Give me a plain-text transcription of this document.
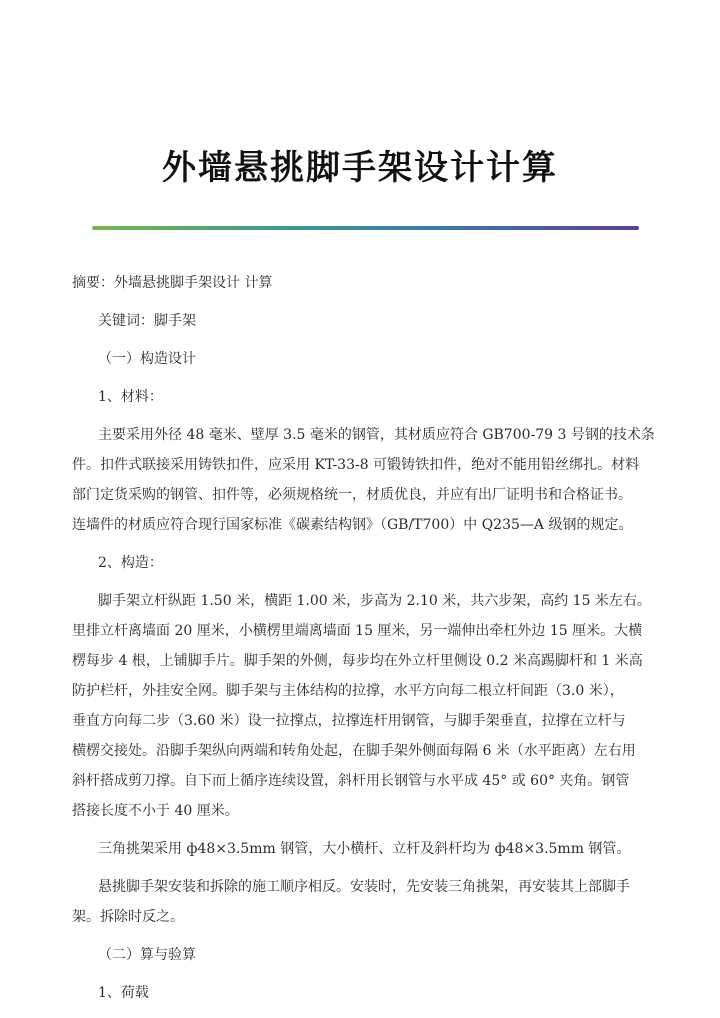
外墙悬挑脚手架设计计算

摘要：外墙悬挑脚手架设计 计算

关键词：脚手架

（一）构造设计

1、材料：

主要采用外径 48 毫米、壁厚 3.5 毫米的钢管，其材质应符合 GB700-79 3 号钢的技术条
件。扣件式联接采用铸铁扣件，应采用 KT-33-8 可锻铸铁扣件，绝对不能用铅丝绑扎。材料
部门定货采购的钢管、扣件等，必须规格统一，材质优良，并应有出厂证明书和合格证书。
连墙件的材质应符合现行国家标准《碳素结构钢》（GB/T700）中 Q235—A 级钢的规定。

2、构造：

脚手架立杆纵距 1.50 米，横距 1.00 米，步高为 2.10 米，共六步架，高约 15 米左右。
里排立杆离墙面 20 厘米，小横楞里端离墙面 15 厘米，另一端伸出牵杠外边 15 厘米。大横
楞每步 4 根，上铺脚手片。脚手架的外侧，每步均在外立杆里侧设 0.2 米高踢脚杆和 1 米高
防护栏杆，外挂安全网。脚手架与主体结构的拉撑，水平方向每二根立杆间距（3.0 米），
垂直方向每二步（3.60 米）设一拉撑点，拉撑连杆用钢管，与脚手架垂直，拉撑在立杆与
横楞交接处。沿脚手架纵向两端和转角处起，在脚手架外侧面每隔 6 米（水平距离）左右用
斜杆搭成剪刀撑。自下而上循序连续设置，斜杆用长钢管与水平成 45° 或 60° 夹角。钢管
搭接长度不小于 40 厘米。
三角挑架采用 ф48×3.5mm 钢管，大小横杆、立杆及斜杆均为 ф48×3.5mm 钢管。
悬挑脚手架安装和拆除的施工顺序相反。安装时，先安装三角挑架，再安装其上部脚手
架。拆除时反之。

（二）算与验算

1、荷载
